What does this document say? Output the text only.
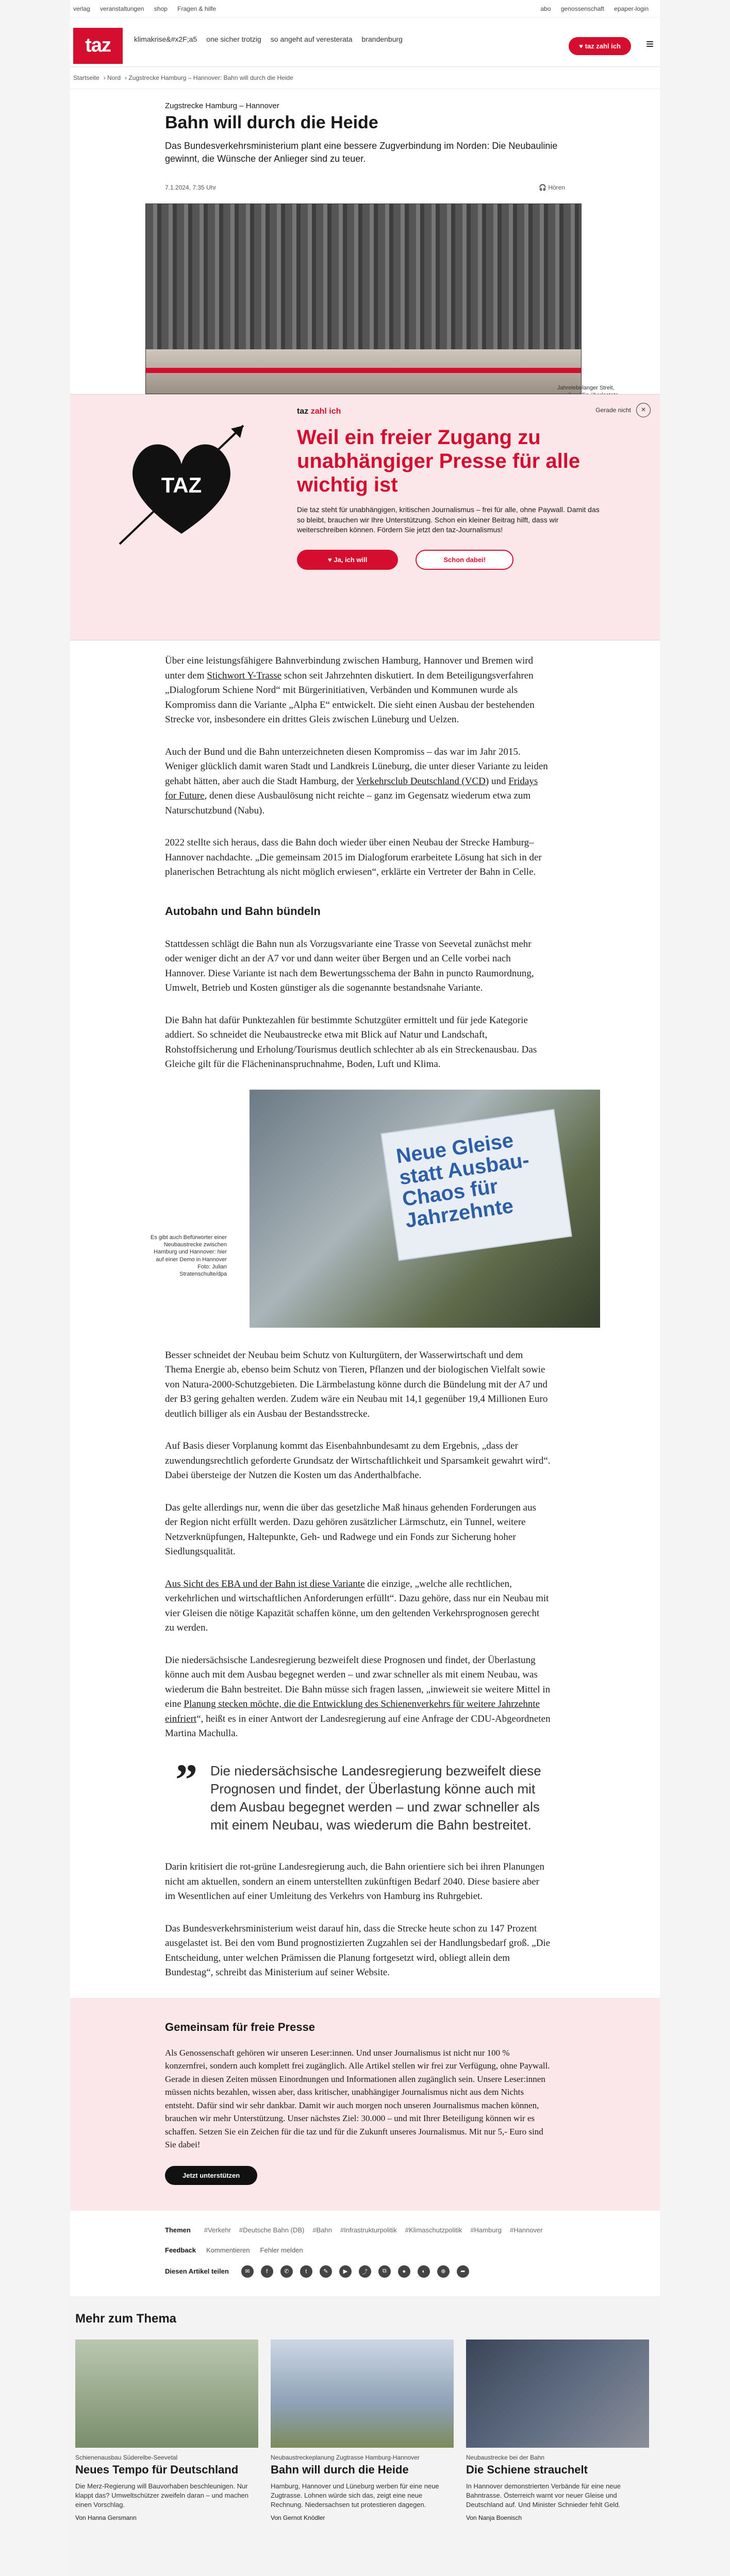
verlag veranstaltungen shop Fragen & hilfe	abo genossenschaft epaper-login
taz	klimakrise&#x2F;a5 one sicher trotzig so angeht auf veresterata brandenburg
♥ taz zahl ich	≡
Startseite › Nord › Zugstrecke Hamburg – Hannover: Bahn will durch die Heide
Zugstrecke Hamburg – Hannover
Bahn will durch die Heide

Das Bundesverkehrsministerium plant eine bessere Zugverbindung im Norden: Die Neubaulinie gewinnt, die Wünsche der Anlieger sind zu teuer.

7.1.2024, 7:35 Uhr	🎧 Hören
Jahrelebelanger Streit,
TAZ
taz zahl ich
Weil ein freier Zugang zu unabhängiger Presse für alle wichtig ist

Die taz steht für unabhängigen, kritischen Journalismus – frei für alle, ohne Paywall. Damit das so bleibt, brauchen wir Ihre Unterstützung. Schon ein kleiner Beitrag hilft, dass wir weiterschreiben können. Fördern Sie jetzt den taz-Journalismus!

♥ Ja, ich will	Schon dabei!
Gerade nicht	×

Über eine leistungsfähigere Bahnverbindung zwischen Hamburg, Hannover und Bremen wird unter dem Stichwort Y-Trasse schon seit Jahrzehnten diskutiert. In dem Beteiligungsverfahren „Dialogforum Schiene Nord“ mit Bürgerinitiativen, Verbänden und Kommunen wurde als Kompromiss dann die Variante „Alpha E“ entwickelt. Die sieht einen Ausbau der bestehenden Strecke vor, insbesondere ein drittes Gleis zwischen Lüneburg und Uelzen.

Auch der Bund und die Bahn unterzeichneten diesen Kompromiss – das war im Jahr 2015. Weniger glücklich damit waren Stadt und Landkreis Lüneburg, die unter dieser Variante zu leiden gehabt hätten, aber auch die Stadt Hamburg, der Verkehrsclub Deutschland (VCD) und Fridays for Future, denen diese Ausbaulösung nicht reichte – ganz im Gegensatz wiederum etwa zum Naturschutzbund (Nabu).

2022 stellte sich heraus, dass die Bahn doch wieder über einen Neubau der Strecke Hamburg–Hannover nachdachte. „Die gemeinsam 2015 im Dialogforum erarbeitete Lösung hat sich in der planerischen Betrachtung als nicht möglich erwiesen“, erklärte ein Vertreter der Bahn in Celle.

Autobahn und Bahn bündeln

Stattdessen schlägt die Bahn nun als Vorzugsvariante eine Trasse von Seevetal zunächst mehr oder weniger dicht an der A7 vor und dann weiter über Bergen und an Celle vorbei nach Hannover. Diese Variante ist nach dem Bewertungsschema der Bahn in puncto Raumordnung, Umwelt, Betrieb und Kosten günstiger als die sogenannte bestandsnahe Variante.

Die Bahn hat dafür Punktezahlen für bestimmte Schutzgüter ermittelt und für jede Kategorie addiert. So schneidet die Neubaustrecke etwa mit Blick auf Natur und Landschaft, Rohstoffsicherung und Erholung/Tourismus deutlich schlechter ab als ein Streckenausbau. Das Gleiche gilt für die Flächeninanspruchnahme, Boden, Luft und Klima.

Neue Gleise statt Ausbau-Chaos für Jahrzehnte
Es gibt auch Befürworter einer Neubaustrecke zwischen Hamburg und Hannover: hier auf einer Demo in Hannover Foto: Julian Stratenschulte/dpa

Besser schneidet der Neubau beim Schutz von Kulturgütern, der Wasserwirtschaft und dem Thema Energie ab, ebenso beim Schutz von Tieren, Pflanzen und der biologischen Vielfalt sowie von Natura-2000-Schutzgebieten. Die Lärmbelastung könne durch die Bündelung mit der A7 und der B3 gering gehalten werden. Zudem wäre ein Neubau mit 14,1 gegenüber 19,4 Millionen Euro deutlich billiger als ein Ausbau der Bestandsstrecke.

Auf Basis dieser Vorplanung kommt das Eisenbahnbundesamt zu dem Ergebnis, „dass der zuwendungsrechtlich geforderte Grundsatz der Wirtschaftlichkeit und Sparsamkeit gewahrt wird“. Dabei übersteige der Nutzen die Kosten um das Anderthalbfache.

Das gelte allerdings nur, wenn die über das gesetzliche Maß hinaus gehenden Forderungen aus der Region nicht erfüllt werden. Dazu gehören zusätzlicher Lärmschutz, ein Tunnel, weitere Netzverknüpfungen, Haltepunkte, Geh- und Radwege und ein Fonds zur Sicherung hoher Siedlungsqualität.

Aus Sicht des EBA und der Bahn ist diese Variante die einzige, „welche alle rechtlichen, verkehrlichen und wirtschaftlichen Anforderungen erfüllt“. Dazu gehöre, dass nur ein Neubau mit vier Gleisen die nötige Kapazität schaffen könne, um den geltenden Verkehrsprognosen gerecht zu werden.

Die niedersächsische Landesregierung bezweifelt diese Prognosen und findet, der Überlastung könne auch mit dem Ausbau begegnet werden – und zwar schneller als mit einem Neubau, was wiederum die Bahn bestreitet. Die Bahn müsse sich fragen lassen, „inwieweit sie weitere Mittel in eine Planung stecken möchte, die die Entwicklung des Schienenverkehrs für weitere Jahrzehnte einfriert“, heißt es in einer Antwort der Landesregierung auf eine Anfrage der CDU-Abgeordneten Martina Machulla.

” Die niedersächsische Landesregierung bezweifelt diese Prognosen und findet, der Überlastung könne auch mit dem Ausbau begegnet werden – und zwar schneller als mit einem Neubau, was wiederum die Bahn bestreitet.

Darin kritisiert die rot-grüne Landesregierung auch, die Bahn orientiere sich bei ihren Planungen nicht am aktuellen, sondern an einem unterstellten zukünftigen Bedarf 2040. Diese basiere aber im Wesentlichen auf einer Umleitung des Verkehrs von Hamburg ins Ruhrgebiet.

Das Bundesverkehrsministerium weist darauf hin, dass die Strecke heute schon zu 147 Prozent ausgelastet ist. Bei den vom Bund prognostizierten Zugzahlen sei der Handlungsbedarf groß. „Die Entscheidung, unter welchen Prämissen die Planung fortgesetzt wird, obliegt allein dem Bundestag“, schreibt das Ministerium auf seiner Website.

Gemeinsam für freie Presse

Als Genossenschaft gehören wir unseren Leser:innen. Und unser Journalismus ist nicht nur 100 % konzernfrei, sondern auch komplett frei zugänglich. Alle Artikel stellen wir frei zur Verfügung, ohne Paywall. Gerade in diesen Zeiten müssen Einordnungen und Informationen allen zugänglich sein. Unsere Leser:innen müssen nichts bezahlen, wissen aber, dass kritischer, unabhängiger Journalismus nicht aus dem Nichts entsteht. Dafür sind wir sehr dankbar. Damit wir auch morgen noch unseren Journalismus machen können, brauchen wir mehr Unterstützung. Unser nächstes Ziel: 30.000 – und mit Ihrer Beteiligung können wir es schaffen. Setzen Sie ein Zeichen für die taz und für die Zukunft unseres Journalismus. Mit nur 5,- Euro sind Sie dabei!

Jetzt unterstützen
Themen #Verkehr #Deutsche Bahn (DB) #Bahn #Infrastrukturpolitik #Klimaschutzpolitik #Hamburg #Hannover
Feedback Kommentieren Fehler melden
Diesen Artikel teilen	✉	f	✆	t	✎	▶	⤴	⧉	●	◐	⊕	➦
Mehr zum Thema
Schienenausbau Süderelbe-Seevetal
Neues Tempo für Deutschland

Die Merz-Regierung will Bauvorhaben beschleunigen. Nur klappt das? Umweltschützer zweifeln daran – und machen einen Vorschlag.

Von Hanna Gersmann
Neubaustreckeplanung Zugtrasse Hamburg-Hannover
Bahn will durch die Heide

Hamburg, Hannover und Lüneburg werben für eine neue Zugtrasse. Lohnen würde sich das, zeigt eine neue Rechnung. Niedersachsen tut protestieren dagegen.

Von Gernot Knödler
Neubaustrecke bei der Bahn
Die Schiene strauchelt

In Hannover demonstrierten Verbände für eine neue Bahntrasse. Österreich warnt vor neuer Gleise und Deutschland auf. Und Minister Schnieder fehlt Geld.

Von Nanja Boenisch
